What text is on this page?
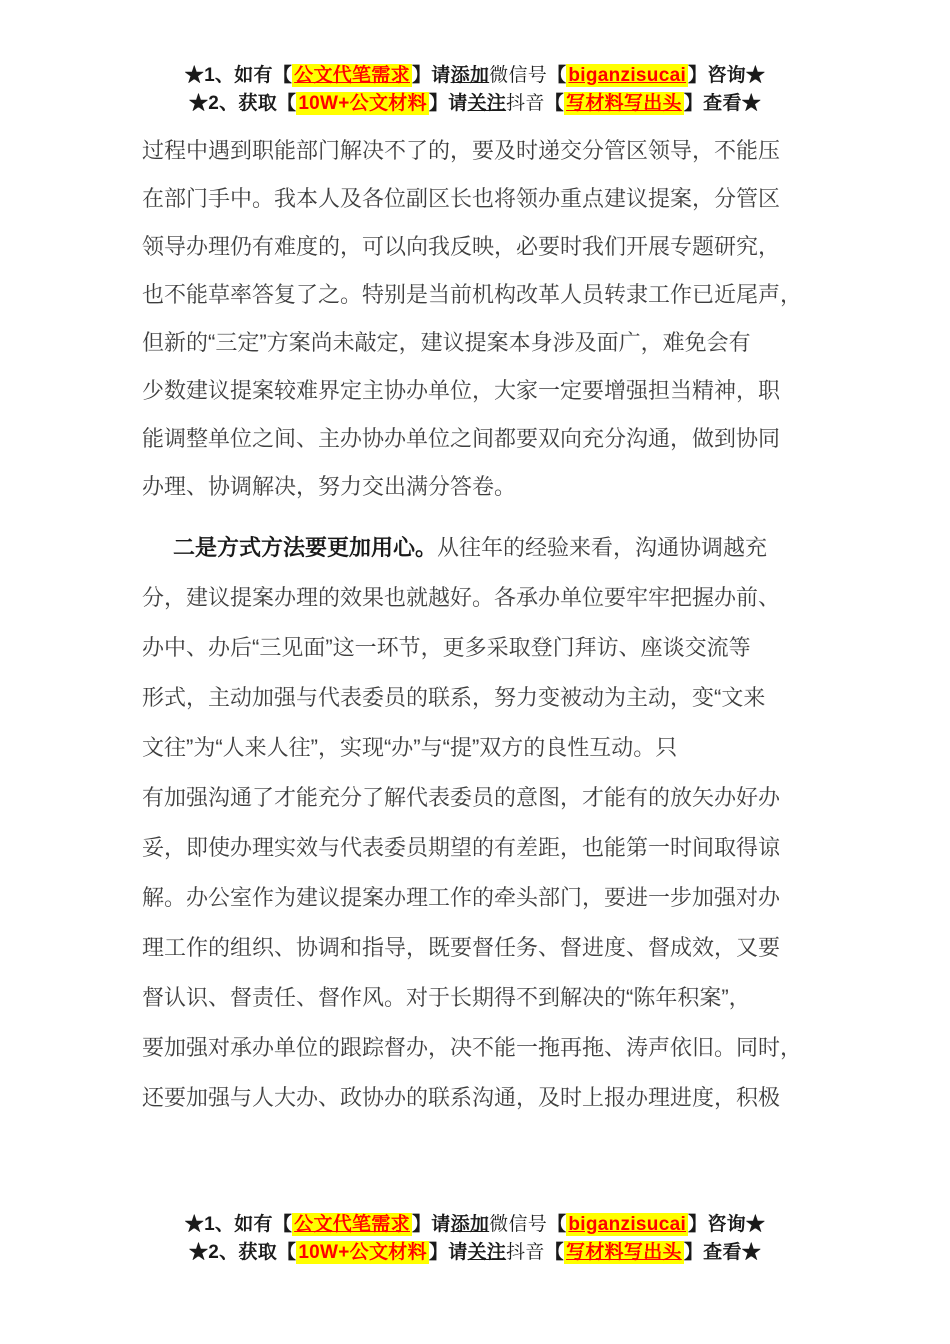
★1、如有【 公文代笔需求 】请添加微信号【 biganzisucai 】咨询★
★2、获取【 10W+公文材料 】请关注抖音【 写材料写出头 】查看★
过程中遇到职能部门解决不了的，要及时递交分管区领导，不能压
在部门手中。我本人及各位副区长也将领办重点建议提案，分管区
领导办理仍有难度的，可以向我反映，必要时我们开展专题研究，
也不能草率答复了之。特别是当前机构改革人员转隶工作已近尾声，
但新的“三定”方案尚未敲定，建议提案本身涉及面广，难免会有
少数建议提案较难界定主协办单位，大家一定要增强担当精神，职
能调整单位之间、主办协办单位之间都要双向充分沟通，做到协同
办理、协调解决，努力交出满分答卷。
二是方式方法要更加用心。从往年的经验来看，沟通协调越充
分，建议提案办理的效果也就越好。各承办单位要牢牢把握办前、
办中、办后“三见面”这一环节，更多采取登门拜访、座谈交流等
形式，主动加强与代表委员的联系，努力变被动为主动，变“文来
文往”为“人来人往”，实现“办”与“提”双方的良性互动。只
有加强沟通了才能充分了解代表委员的意图，才能有的放矢办好办
妥，即使办理实效与代表委员期望的有差距，也能第一时间取得谅
解。办公室作为建议提案办理工作的牵头部门，要进一步加强对办
理工作的组织、协调和指导，既要督任务、督进度、督成效，又要
督认识、督责任、督作风。对于长期得不到解决的“陈年积案”，
要加强对承办单位的跟踪督办，决不能一拖再拖、涛声依旧。同时，
还要加强与人大办、政协办的联系沟通，及时上报办理进度，积极
★1、如有【 公文代笔需求 】请添加微信号【 biganzisucai 】咨询★
★2、获取【 10W+公文材料 】请关注抖音【 写材料写出头 】查看★
